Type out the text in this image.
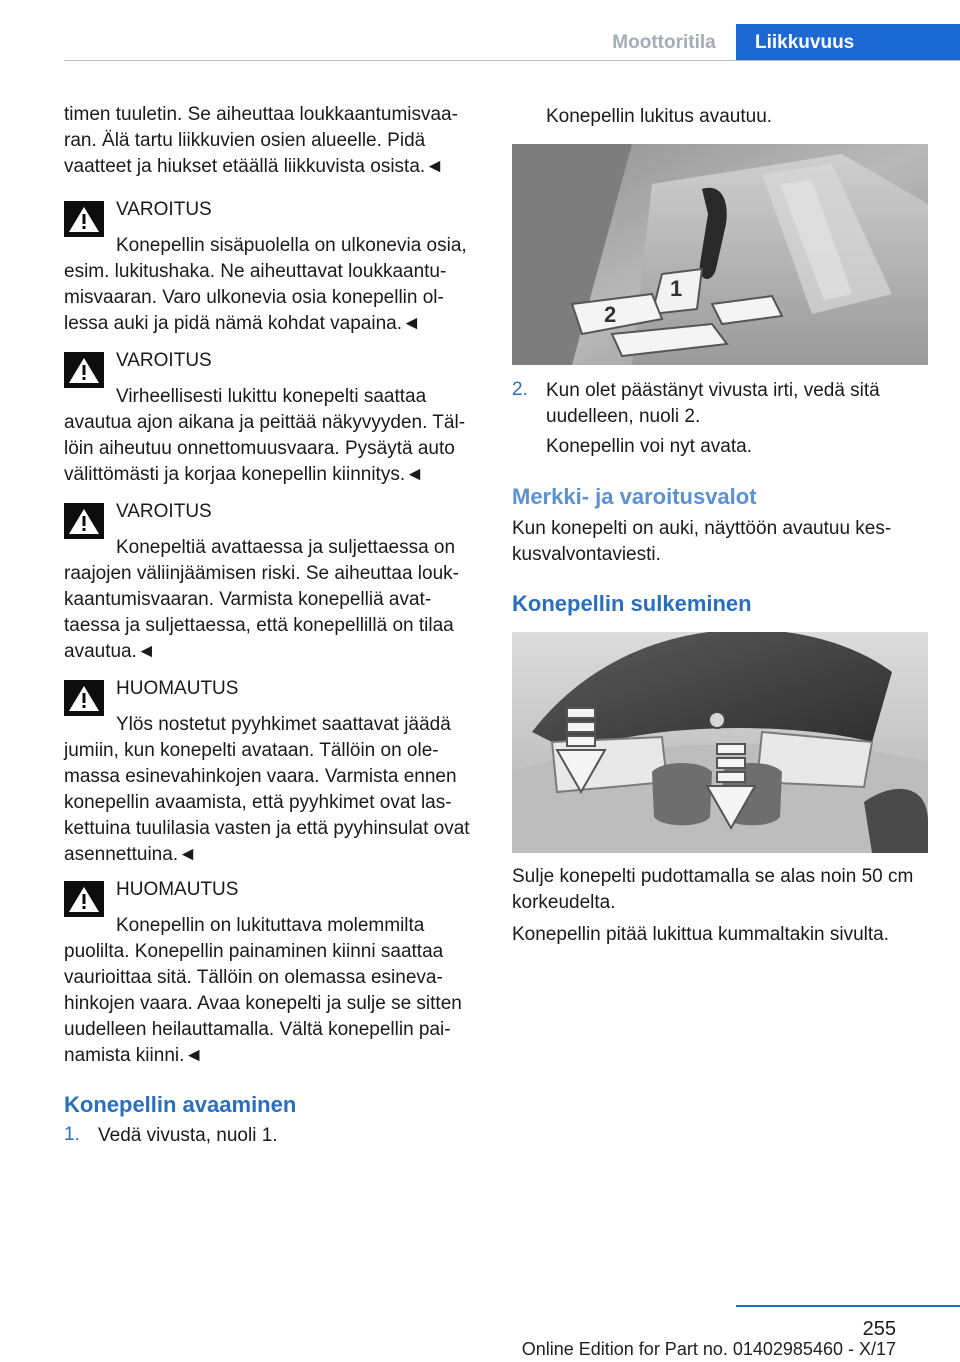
Moottoritila	Liikkuvuus
timen tuuletin. Se aiheuttaa loukkaantumisvaaran. Älä tartu liikkuvien osien alueelle. Pidä vaatteet ja hiukset etäällä liikkuvista osista.◄
VAROITUS
Konepellin sisäpuolella on ulkonevia osia, esim. lukitushaka. Ne aiheuttavat loukkaantumisvaaran. Varo ulkonevia osia konepellin ollessa auki ja pidä nämä kohdat vapaina.◄
VAROITUS
Virheellisesti lukittu konepelti saattaa avautua ajon aikana ja peittää näkyvyyden. Tällöin aiheutuu onnettomuusvaara. Pysäytä auto välittömästi ja korjaa konepellin kiinnitys.◄
VAROITUS
Konepeltiä avattaessa ja suljettaessa on raajojen väliinjäämisen riski. Se aiheuttaa loukkaantumisvaaran. Varmista konepelliä avattaessa ja suljettaessa, että konepellillä on tilaa avautua.◄
HUOMAUTUS
Ylös nostetut pyyhkimet saattavat jäädä jumiin, kun konepelti avataan. Tällöin on olemassa esinevahinkojen vaara. Varmista ennen konepellin avaamista, että pyyhkimet ovat laskettuina tuulilasia vasten ja että pyyhinsulat ovat asennettuina.◄
HUOMAUTUS
Konepellin on lukituttava molemmilta puolilta. Konepellin painaminen kiinni saattaa vaurioittaa sitä. Tällöin on olemassa esinevahinkojen vaara. Avaa konepelti ja sulje se sitten uudelleen heilauttamalla. Vältä konepellin painamista kiinni.◄
Konepellin avaaminen
1. Vedä vivusta, nuoli 1.
Konepellin lukitus avautuu.
1
2
2. Kun olet päästänyt vivusta irti, vedä sitä uudelleen, nuoli 2.
Konepellin voi nyt avata.
Merkki- ja varoitusvalot
Kun konepelti on auki, näyttöön avautuu keskusvalvontaviesti.
Konepellin sulkeminen
Sulje konepelti pudottamalla se alas noin 50 cm korkeudelta.
Konepellin pitää lukittua kummaltakin sivulta.
255
Online Edition for Part no. 01402985460 - X/17
